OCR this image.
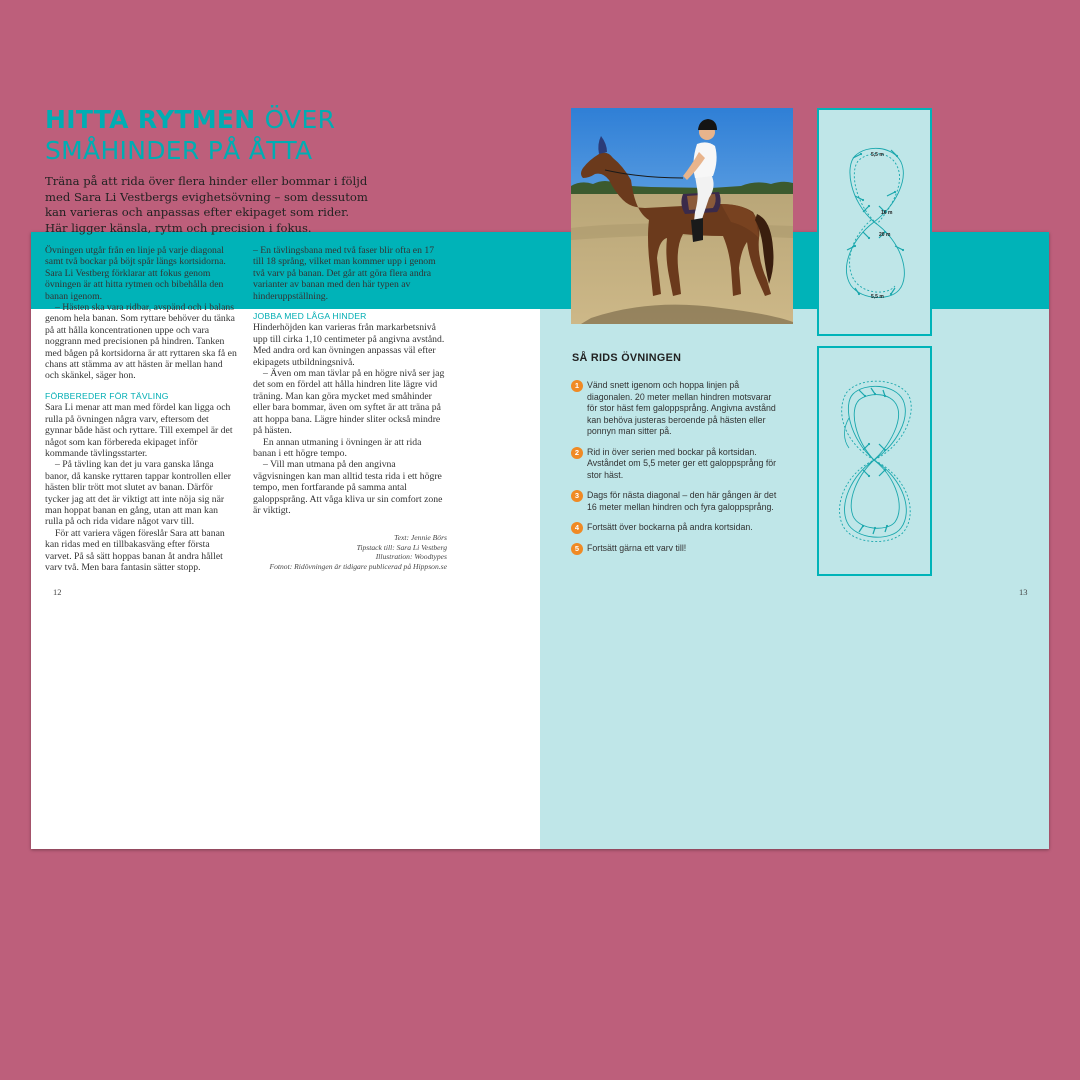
HITTA RYTMEN ÖVER
SMÅHINDER PÅ ÅTTA

Träna på att rida över flera hinder eller bommar i följd med Sara Li Vestbergs evighetsövning – som dessutom kan varieras och anpassas efter ekipaget som rider. Här ligger känsla, rytm och precision i fokus.

Övningen utgår från en linje på varje diagonal samt två bockar på böjt spår längs kortsidorna. Sara Li Vestberg förklarar att fokus genom övningen är att hitta rytmen och bibehålla den banan igenom.

– Hästen ska vara ridbar, avspänd och i balans genom hela banan. Som ryttare behöver du tänka på att hålla koncentrationen uppe och vara noggrann med precisionen på hindren. Tanken med bågen på kortsidorna är att ryttaren ska få en chans att stämma av att hästen är mellan hand och skänkel, säger hon.

FÖRBEREDER FÖR TÄVLING

Sara Li menar att man med fördel kan ligga och rulla på övningen några varv, eftersom det gynnar både häst och ryttare. Till exempel är det något som kan förbereda ekipaget inför kommande tävlingsstarter.

– På tävling kan det ju vara ganska långa banor, då kanske ryttaren tappar kontrollen eller hästen blir trött mot slutet av banan. Därför tycker jag att det är viktigt att inte nöja sig när man hoppat banan en gång, utan att man kan rulla på och rida vidare något varv till.

För att variera vägen föreslår Sara att banan kan ridas med en tillbakasväng efter första varvet. På så sätt hoppas banan åt andra hållet varv två. Men bara fantasin sätter stopp.

– En tävlingsbana med två faser blir ofta en 17 till 18 språng, vilket man kommer upp i genom två varv på banan. Det går att göra flera andra varianter av banan med den här typen av hinderuppställning.

JOBBA MED LÅGA HINDER

Hinderhöjden kan varieras från markarbetsnivå upp till cirka 1,10 centimeter på angivna avstånd. Med andra ord kan övningen anpassas väl efter ekipagets utbildningsnivå.

– Även om man tävlar på en högre nivå ser jag det som en fördel att hålla hindren lite lägre vid träning. Man kan göra mycket med småhinder eller bara bommar, även om syftet är att träna på att hoppa bana. Lägre hinder sliter också mindre på hästen.

En annan utmaning i övningen är att rida banan i ett högre tempo.

– Vill man utmana på den angivna vägvisningen kan man alltid testa rida i ett högre tempo, men fortfarande på samma antal galoppsprång. Att våga kliva ur sin comfort zone är viktigt.

Text: Jennie Börs
Tipstack till: Sara Li Vestberg
Illustration: Woodtypes
Fotnot: Ridövningen är tidigare publicerad på Hippson.se
12	13
SÅ RIDS ÖVNINGEN
1 Vänd snett igenom och hoppa linjen på diagonalen. 20 meter mellan hindren motsvarar för stor häst fem galoppsprång. Angivna avstånd kan behöva justeras beroende på hästen eller ponnyn man sitter på.
2 Rid in över serien med bockar på kortsidan. Avståndet om 5,5 meter ger ett galoppsprång för stor häst.
3 Dags för nästa diagonal – den här gången är det 16 meter mellan hindren och fyra galoppsprång.
4 Fortsätt över bockarna på andra kortsidan.
5 Fortsätt gärna ett varv till!
5,5 m
16 m
20 m
5,5 m
